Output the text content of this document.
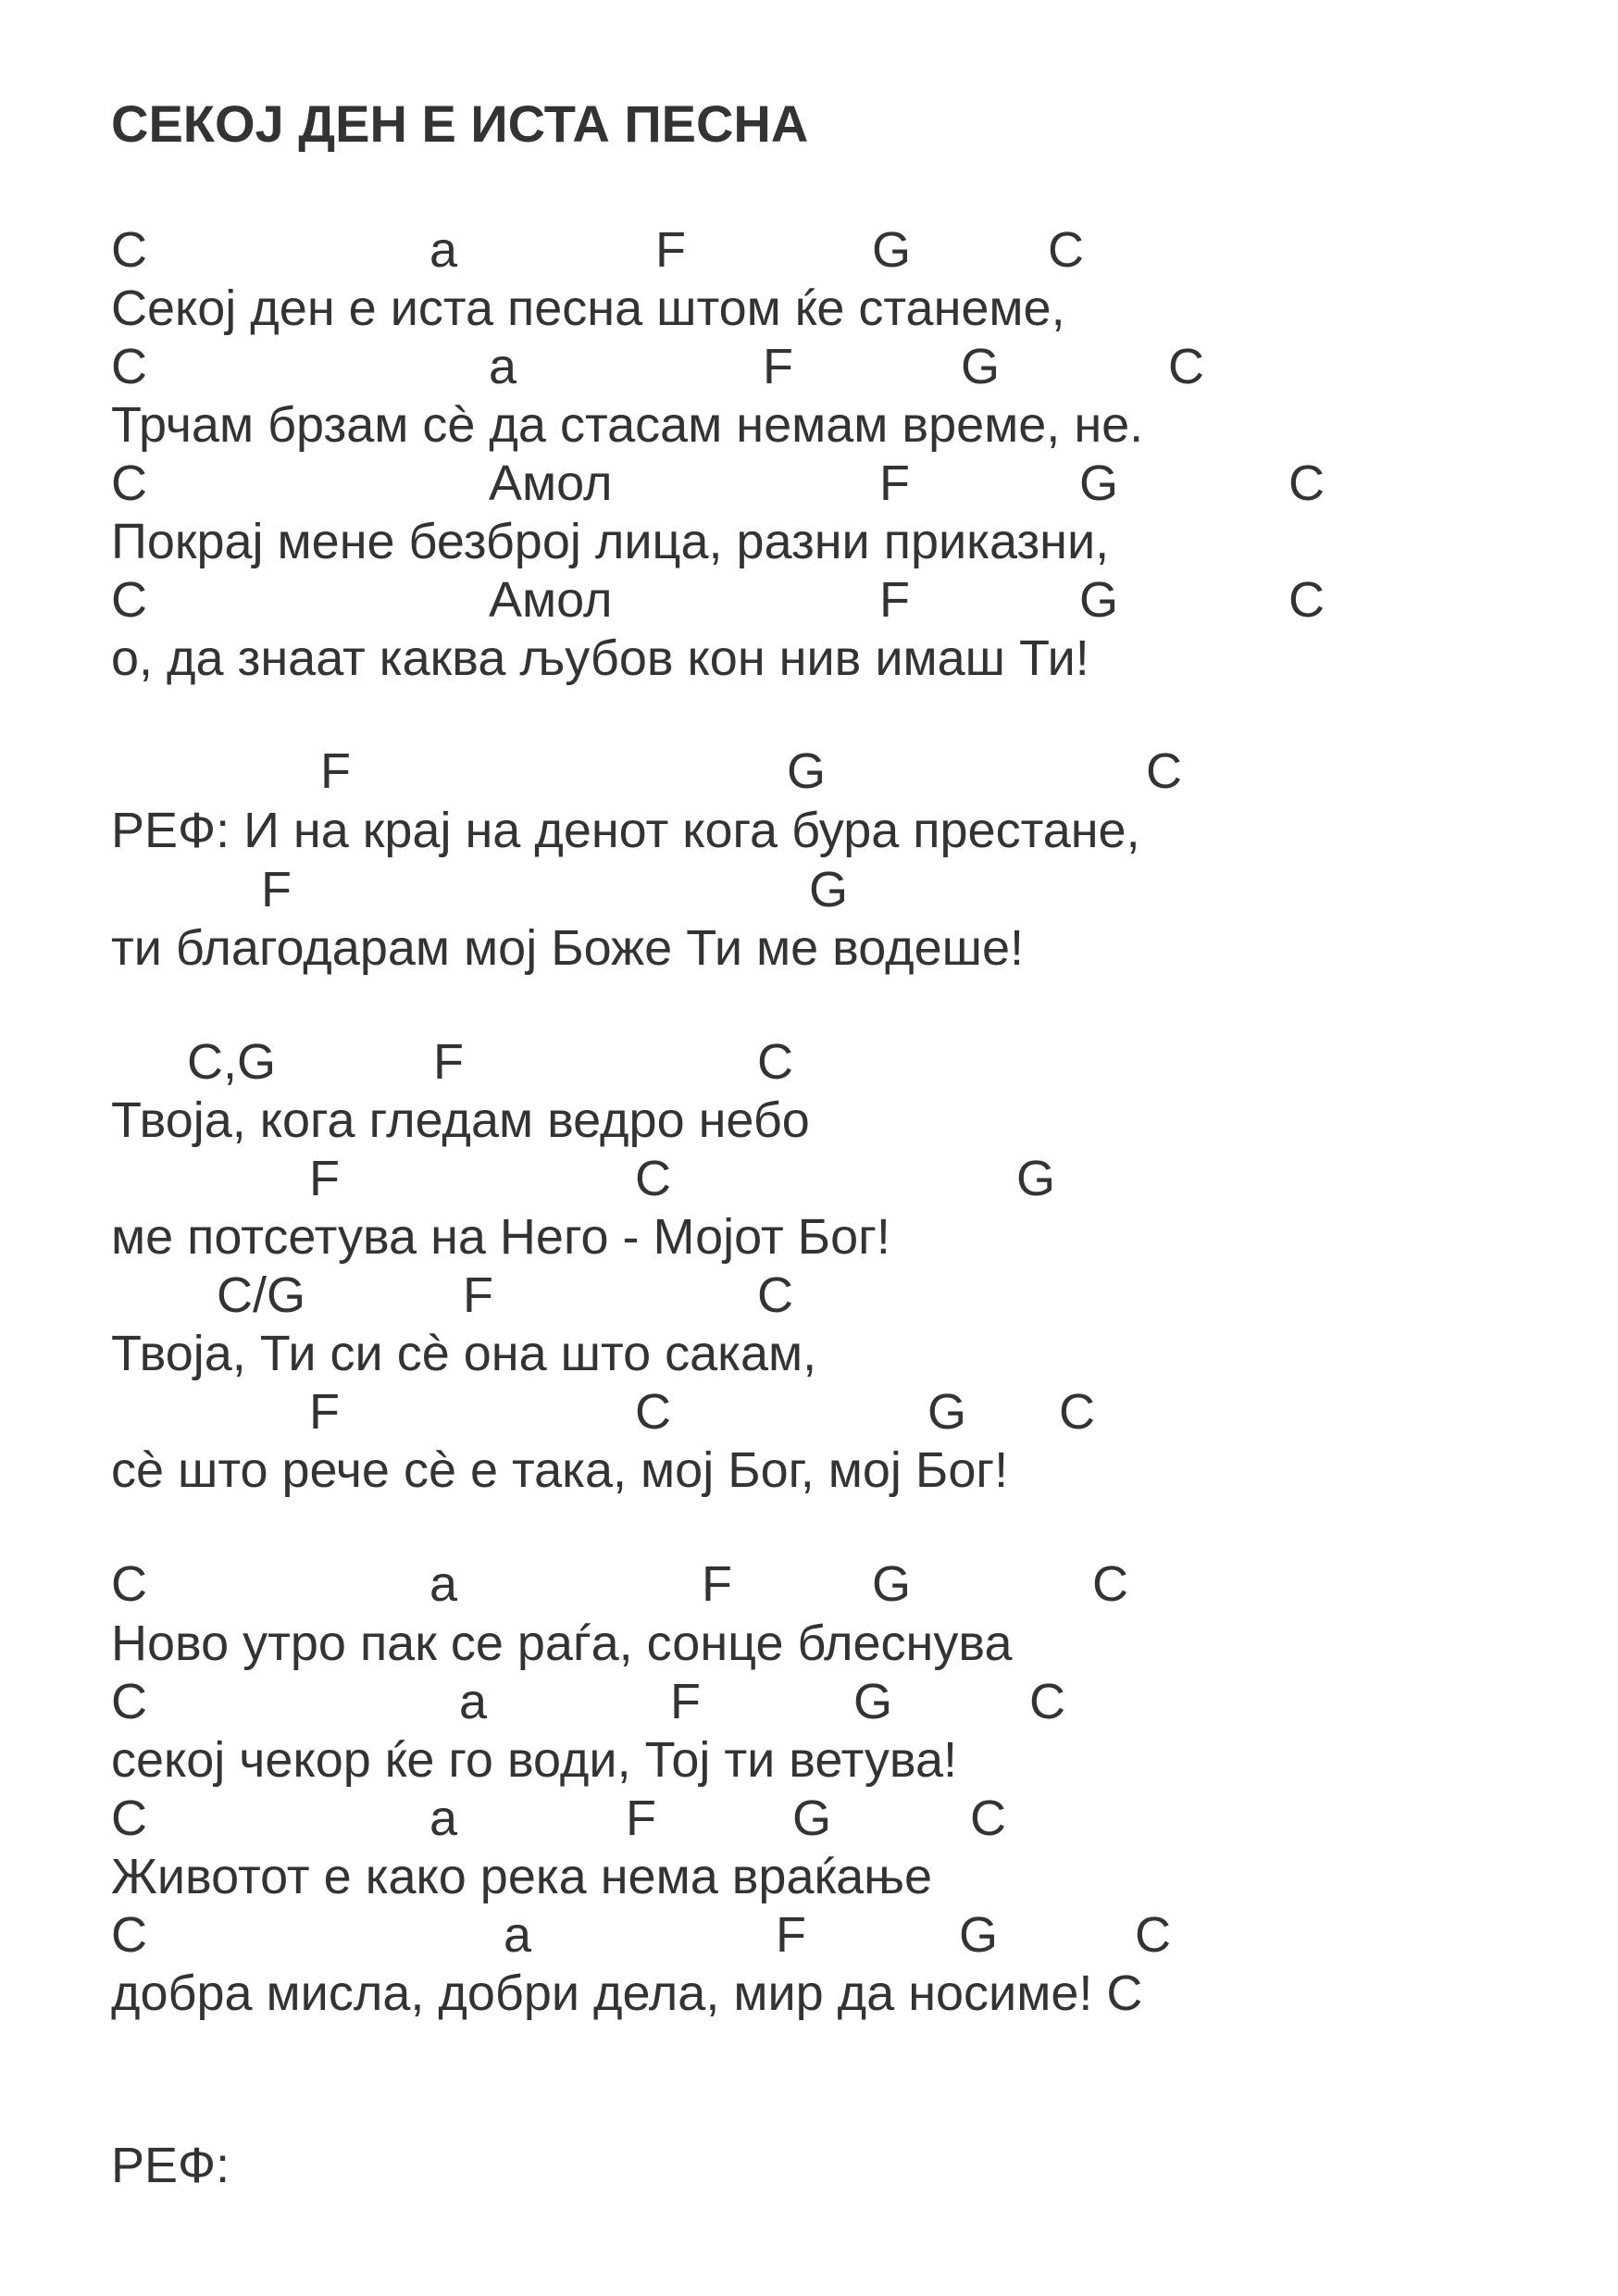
СЕКОЈ ДЕН Е ИСТА ПЕСНА
C	a	F	G	C
Секој ден е иста песна штом ќе станеме,
C	a	F	G	C
Трчам брзам сѐ да стасам немам време, не.
C	Амол	F	G	C
Покрај мене безброј лица, разни приказни,
C	Амол	F	G	C
о, да знаат каква љубов кон нив имаш Ти!
F	G	C
РЕФ: И на крај на денот кога бура престане,
F	G
ти благодарам мој Боже Ти ме водеше!
C,G	F	C
Твоја, кога гледам ведро небо
F	C	G
ме потсетува на Него - Мојот Бог!
C/G	F	C
Твоја, Ти си сѐ она што сакам,
F	C	G C
сѐ што рече сѐ е така, мој Бог, мој Бог!
C	a	F	G	C
Ново утро пак се раѓа, сонце блеснува
C	a	F	G	C
секој чекор ќе го води, Тој ти ветува!
C	a	F	G	C
Животот е како река нема враќање
C	a	F	G	C
добра мисла, добри дела, мир да носиме! C
РЕФ:
